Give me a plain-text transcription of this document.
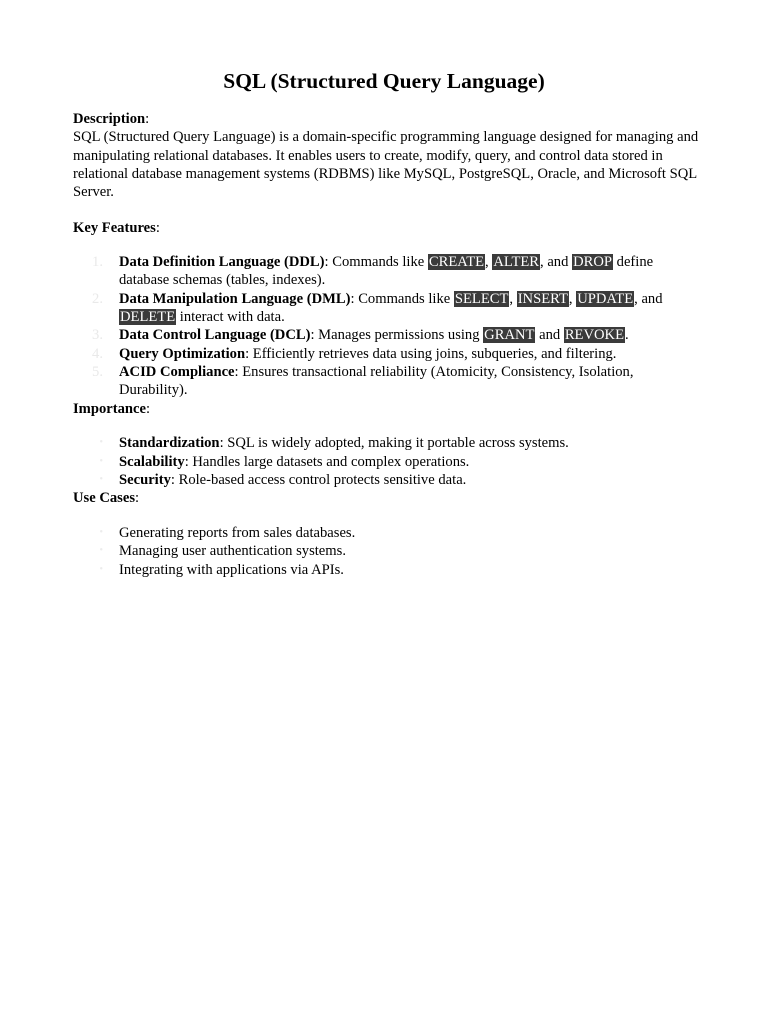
SQL (Structured Query Language)
Description:
SQL (Structured Query Language) is a domain-specific programming language designed for managing and manipulating relational databases. It enables users to create, modify, query, and control data stored in relational database management systems (RDBMS) like MySQL, PostgreSQL, Oracle, and Microsoft SQL Server.
Key Features:
1. Data Definition Language (DDL): Commands like CREATE, ALTER, and DROP define
database schemas (tables, indexes).
2. Data Manipulation Language (DML): Commands like SELECT, INSERT, UPDATE, and
DELETE interact with data.
3. Data Control Language (DCL): Manages permissions using GRANT and REVOKE.
4. Query Optimization: Efficiently retrieves data using joins, subqueries, and filtering.
5. ACID Compliance: Ensures transactional reliability (Atomicity, Consistency, Isolation,
Durability).
Importance:
• Standardization: SQL is widely adopted, making it portable across systems.
• Scalability: Handles large datasets and complex operations.
• Security: Role-based access control protects sensitive data.
Use Cases:
• Generating reports from sales databases.
• Managing user authentication systems.
• Integrating with applications via APIs.
